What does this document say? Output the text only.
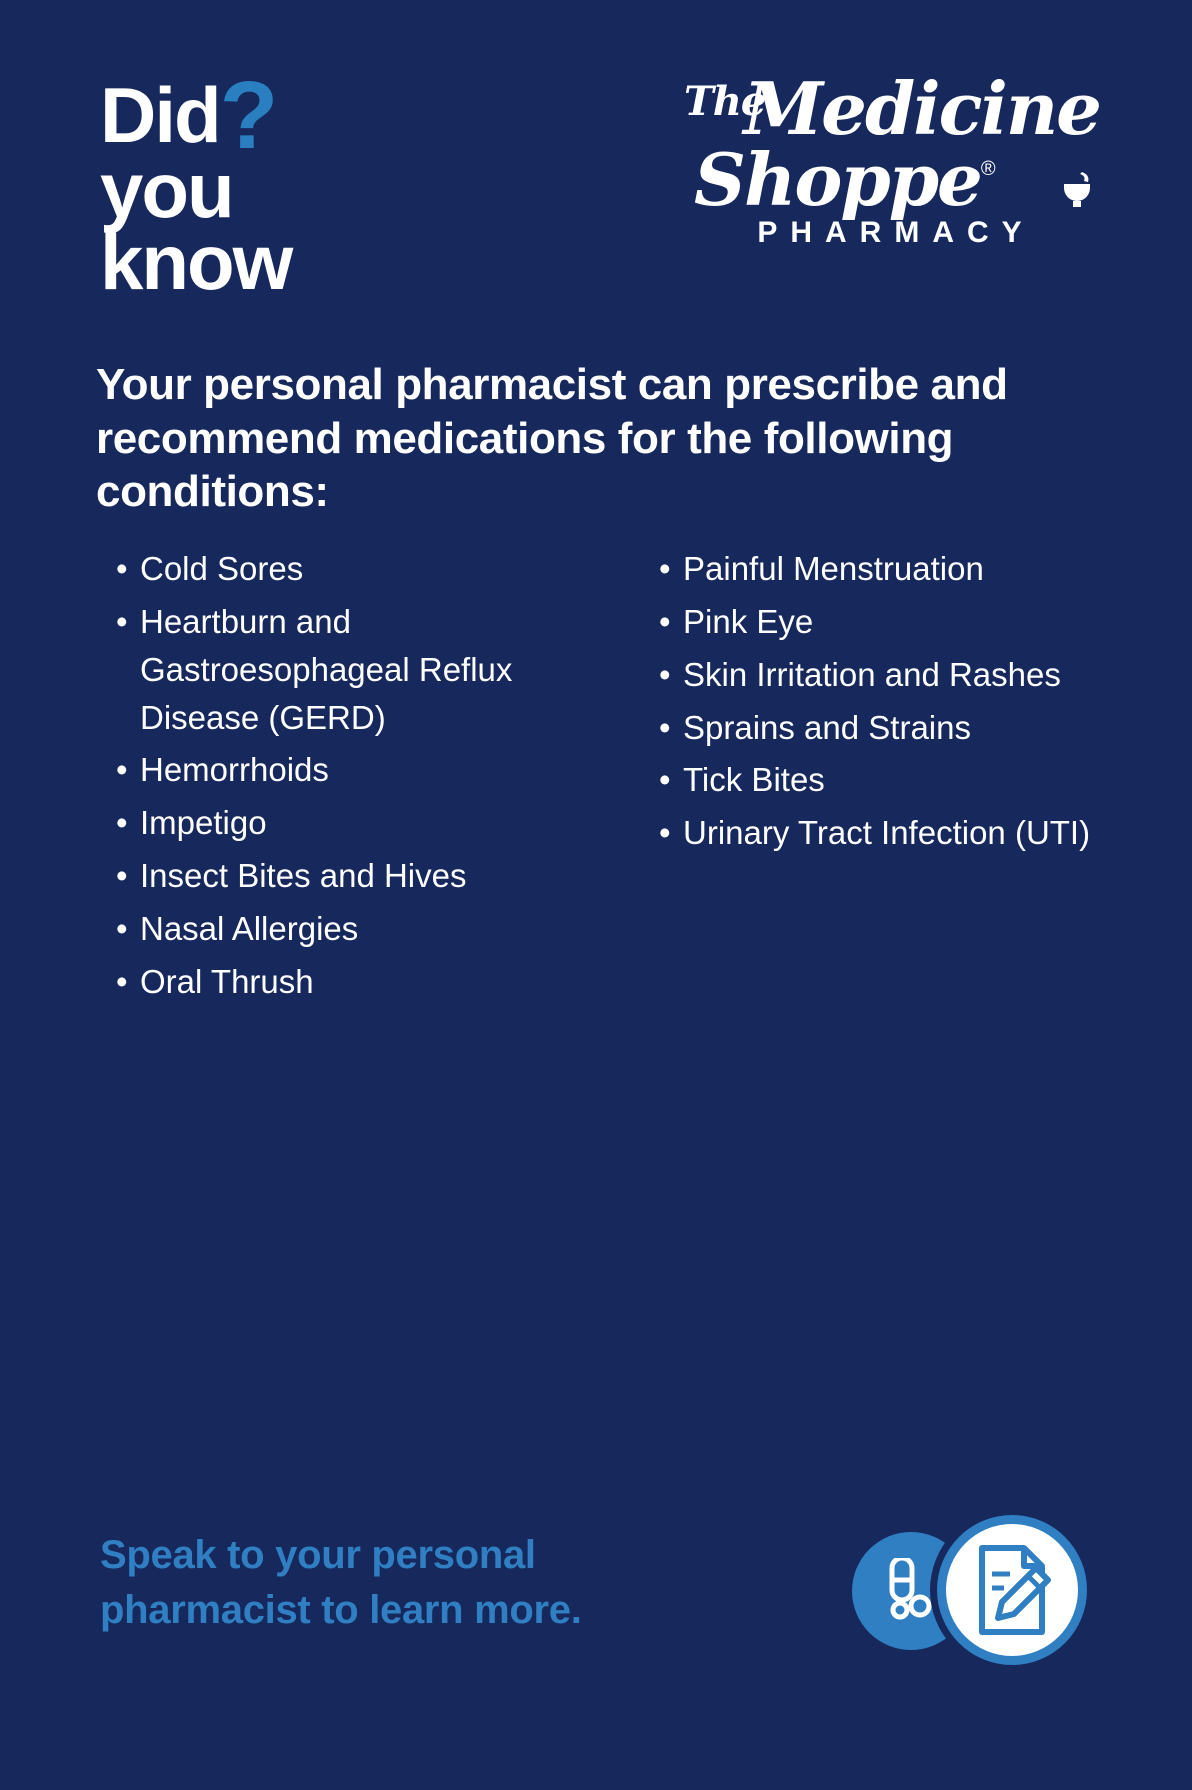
Did?
you
know
The
Medicine
Shoppe®
PHARMACY
Your personal pharmacist can prescribe and recommend medications for the following conditions:
• Cold Sores
• Heartburn and Gastroesophageal Reflux Disease (GERD)
• Hemorrhoids
• Impetigo
• Insect Bites and Hives
• Nasal Allergies
• Oral Thrush
• Painful Menstruation
• Pink Eye
• Skin Irritation and Rashes
• Sprains and Strains
• Tick Bites
• Urinary Tract Infection (UTI)
Speak to your personal
pharmacist to learn more.
